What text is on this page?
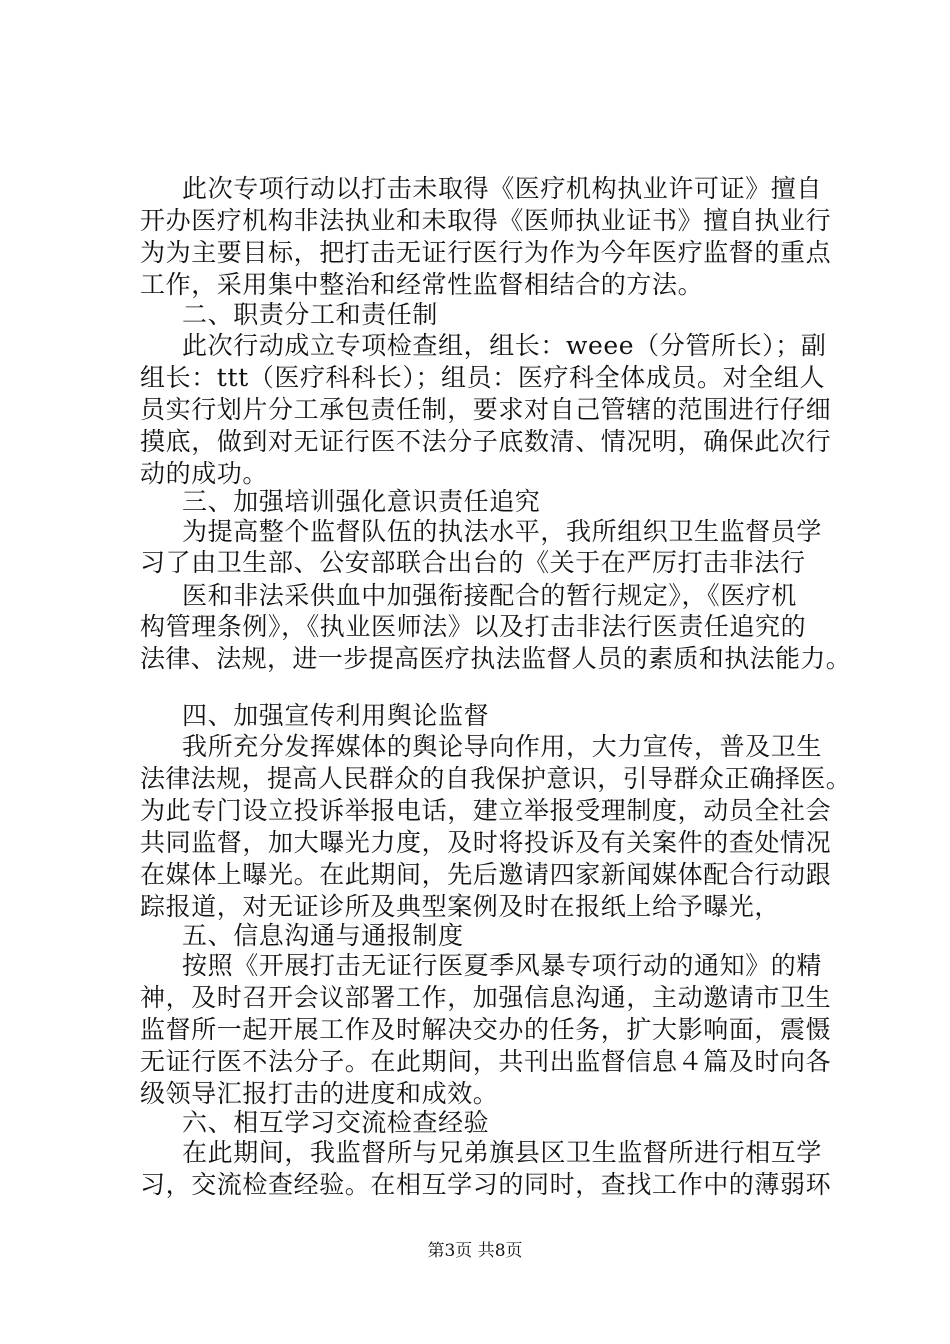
此次专项行动以打击未取得《医疗机构执业许可证》擅自
开办医疗机构非法执业和未取得《医师执业证书》擅自执业行
为为主要目标，把打击无证行医行为作为今年医疗监督的重点
工作，采用集中整治和经常性监督相结合的方法。
二、职责分工和责任制
此次行动成立专项检查组，组长：weee（分管所长）；副
组长：ttt（医疗科科长）；组员：医疗科全体成员。对全组人
员实行划片分工承包责任制，要求对自己管辖的范围进行仔细
摸底，做到对无证行医不法分子底数清、情况明，确保此次行
动的成功。
三、加强培训强化意识责任追究
为提高整个监督队伍的执法水平，我所组织卫生监督员学
习了由卫生部、公安部联合出台的《关于在严厉打击非法行
医和非法采供血中加强衔接配合的暂行规定》，《医疗机
构管理条例》，《执业医师法》以及打击非法行医责任追究的
法律、法规，进一步提高医疗执法监督人员的素质和执法能力。
四、加强宣传利用舆论监督
我所充分发挥媒体的舆论导向作用，大力宣传，普及卫生
法律法规，提高人民群众的自我保护意识，引导群众正确择医。
为此专门设立投诉举报电话，建立举报受理制度，动员全社会
共同监督，加大曝光力度，及时将投诉及有关案件的查处情况
在媒体上曝光。在此期间，先后邀请四家新闻媒体配合行动跟
踪报道，对无证诊所及典型案例及时在报纸上给予曝光，
五、信息沟通与通报制度
按照《开展打击无证行医夏季风暴专项行动的通知》的精
神，及时召开会议部署工作，加强信息沟通，主动邀请市卫生
监督所一起开展工作及时解决交办的任务，扩大影响面，震慑
无证行医不法分子。在此期间，共刊出监督信息４篇及时向各
级领导汇报打击的进度和成效。
六、相互学习交流检查经验
在此期间，我监督所与兄弟旗县区卫生监督所进行相互学
习，交流检查经验。在相互学习的同时，查找工作中的薄弱环
第3页 共8页
